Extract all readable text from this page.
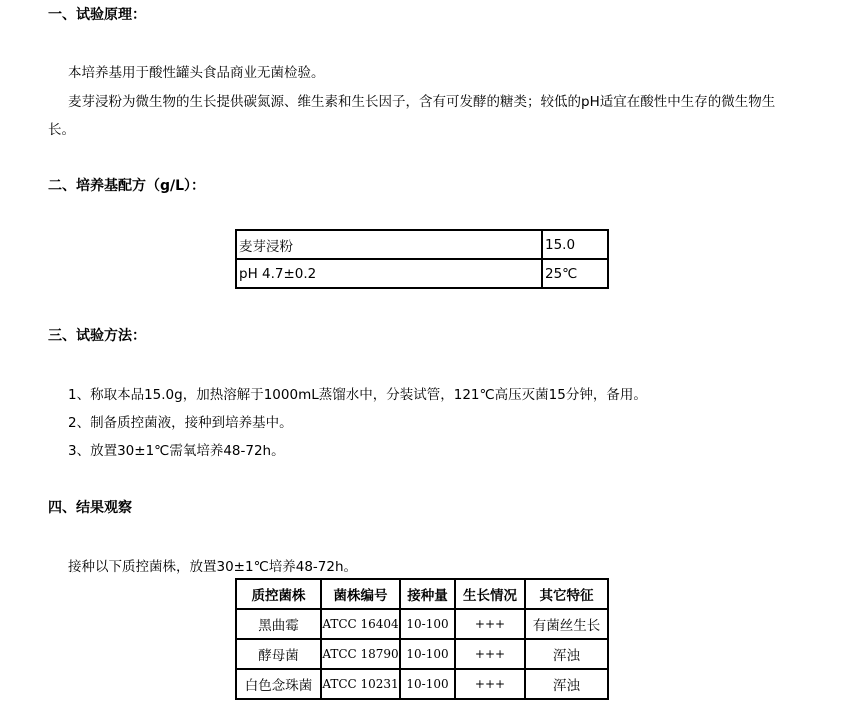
一、试验原理：
本培养基用于酸性罐头食品商业无菌检验。
麦芽浸粉为微生物的生长提供碳氮源、维生素和生长因子，含有可发酵的糖类；较低的pH适宜在酸性中生存的微生物生
长。
二、培养基配方（g/L）：
麦芽浸粉	15.0
pH 4.7±0.2	25℃
三、试验方法：
1、称取本品15.0g，加热溶解于1000mL蒸馏水中，分装试管，121℃高压灭菌15分钟，备用。
2、制备质控菌液，接种到培养基中。
3、放置30±1℃需氧培养48-72h。
四、结果观察
接种以下质控菌株，放置30±1℃培养48-72h。
质控菌株	菌株编号	接种量	生长情况	其它特征
黑曲霉	ATCC 16404	10-100	+++	有菌丝生长
酵母菌	ATCC 18790	10-100	+++	浑浊
白色念珠菌	ATCC 10231	10-100	+++	浑浊
